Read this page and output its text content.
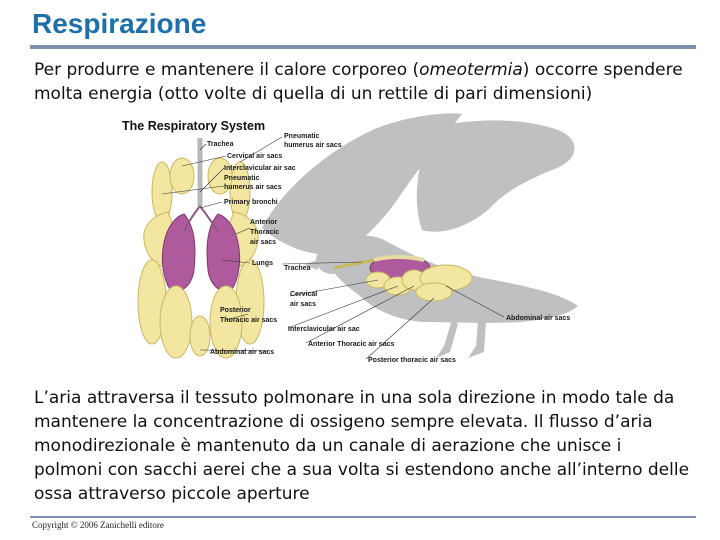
Respirazione
Per produrre e mantenere il calore corporeo (omeotermia) occorre spendere molta energia (otto volte di quella di un rettile di pari dimensioni)
The Respiratory System
Pneumatic humerus air sacs
Trachea
Cervical air sacs
Interclavicular air sac
Pneumatic humerus air sacs
Primary bronchi
Anterior Thoracic air sacs
Lungs
Trachea
Cervical air sacs
Posterior Thoracic air sacs
Interclavicular air sac
Abdominal air sacs
Anterior Thoracic air sacs
Abdominal air sacs
Posterior thoracic air sacs
L’aria attraversa il tessuto polmonare in una sola direzione in modo tale da mantenere la concentrazione di ossigeno sempre elevata. Il flusso d’aria monodirezionale è mantenuto da un canale di aerazione che unisce i polmoni con sacchi aerei che a sua volta si estendono anche all’interno delle ossa attraverso piccole aperture
Copyright © 2006 Zanichelli editore
